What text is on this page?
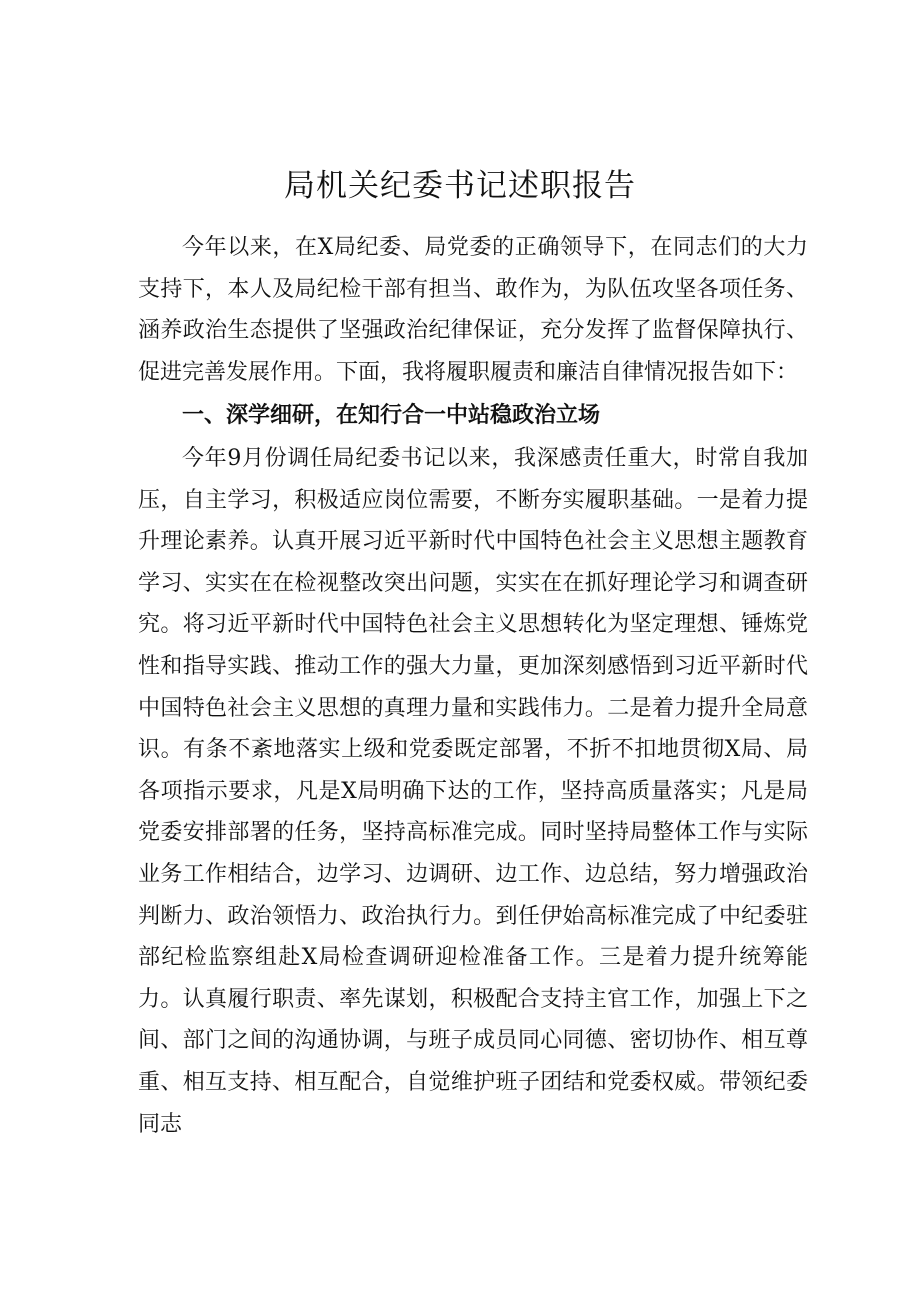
局机关纪委书记述职报告

今年以来，在X局纪委、局党委的正确领导下，在同志们的大力支持下，本人及局纪检干部有担当、敢作为，为队伍攻坚各项任务、涵养政治生态提供了坚强政治纪律保证，充分发挥了监督保障执行、促进完善发展作用。下面，我将履职履责和廉洁自律情况报告如下：

一、深学细研，在知行合一中站稳政治立场

今年9月份调任局纪委书记以来，我深感责任重大，时常自我加压，自主学习，积极适应岗位需要，不断夯实履职基础。一是着力提升理论素养。认真开展习近平新时代中国特色社会主义思想主题教育学习、实实在在检视整改突出问题，实实在在抓好理论学习和调查研究。将习近平新时代中国特色社会主义思想转化为坚定理想、锤炼党性和指导实践、推动工作的强大力量，更加深刻感悟到习近平新时代中国特色社会主义思想的真理力量和实践伟力。二是着力提升全局意识。有条不紊地落实上级和党委既定部署，不折不扣地贯彻X局、局各项指示要求，凡是X局明确下达的工作，坚持高质量落实；凡是局党委安排部署的任务，坚持高标准完成。同时坚持局整体工作与实际业务工作相结合，边学习、边调研、边工作、边总结，努力增强政治判断力、政治领悟力、政治执行力。到任伊始高标准完成了中纪委驻部纪检监察组赴X局检查调研迎检准备工作。三是着力提升统筹能力。认真履行职责、率先谋划，积极配合支持主官工作，加强上下之间、部门之间的沟通协调，与班子成员同心同德、密切协作、相互尊重、相互支持、相互配合，自觉维护班子团结和党委权威。带领纪委同志
